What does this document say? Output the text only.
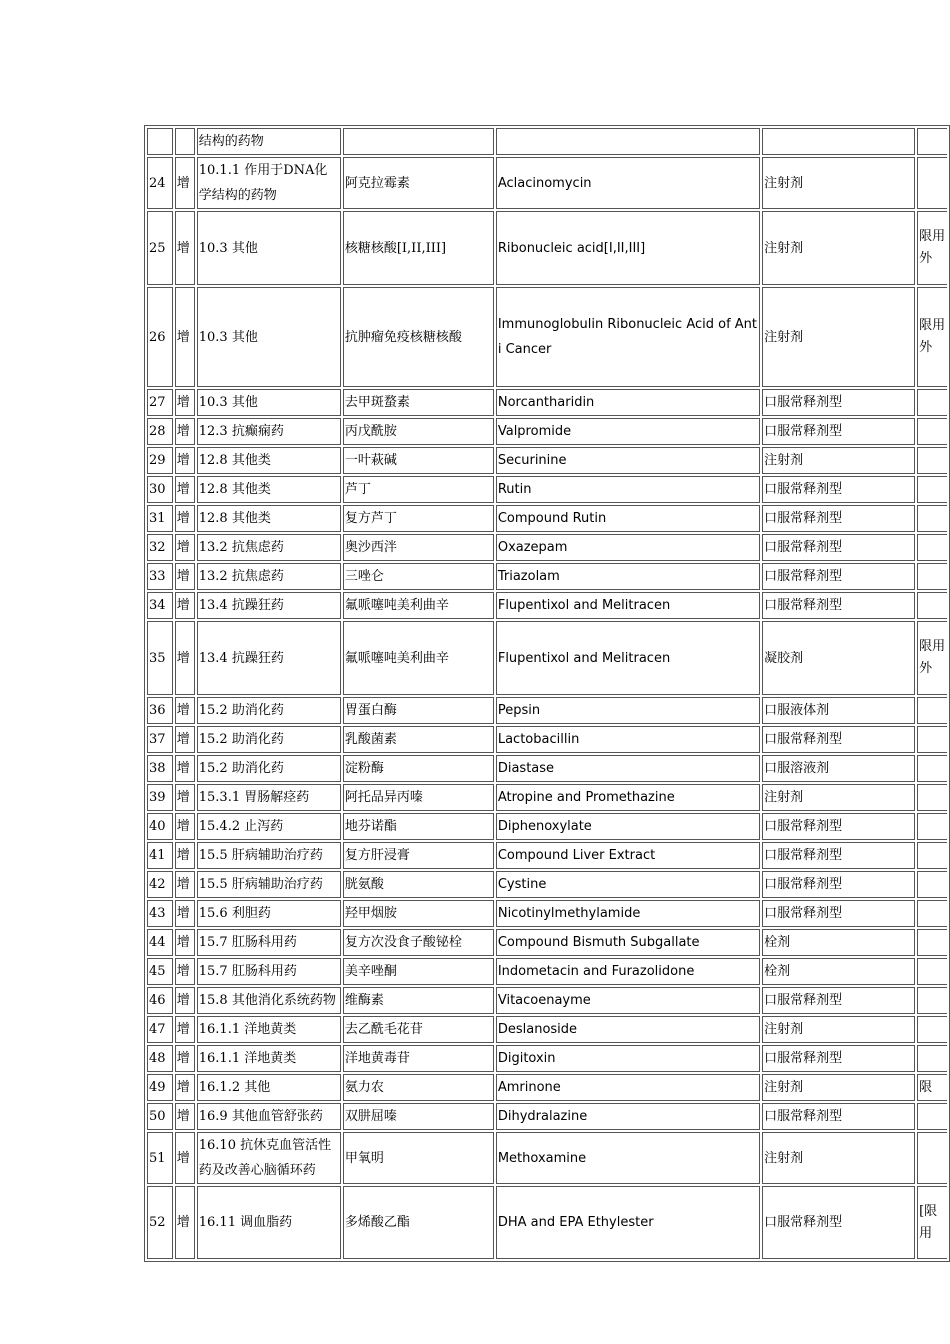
		结构的药物				
24	增	10.1.1 作用于DNA化学结构的药物	阿克拉霉素	Aclacinomycin	注射剂	
25	增	10.3 其他	核糖核酸[Ⅰ,II,III]	Ribonucleic acid[Ⅰ,II,III]	注射剂	限用外
26	增	10.3 其他	抗肿瘤免疫核糖核酸	Immunoglobulin Ribonucleic Acid of Anti Cancer	注射剂	限用外
27	增	10.3 其他	去甲斑蝥素	Norcantharidin	口服常释剂型	
28	增	12.3 抗癫痫药	丙戊酰胺	Valpromide	口服常释剂型	
29	增	12.8 其他类	一叶萩碱	Securinine	注射剂	
30	增	12.8 其他类	芦丁	Rutin	口服常释剂型	
31	增	12.8 其他类	复方芦丁	Compound Rutin	口服常释剂型	
32	增	13.2 抗焦虑药	奥沙西泮	Oxazepam	口服常释剂型	
33	增	13.2 抗焦虑药	三唑仑	Triazolam	口服常释剂型	
34	增	13.4 抗躁狂药	氟哌噻吨美利曲辛	Flupentixol and Melitracen	口服常释剂型	
35	增	13.4 抗躁狂药	氟哌噻吨美利曲辛	Flupentixol and Melitracen	凝胶剂	限用外
36	增	15.2 助消化药	胃蛋白酶	Pepsin	口服液体剂	
37	增	15.2 助消化药	乳酸菌素	Lactobacillin	口服常释剂型	
38	增	15.2 助消化药	淀粉酶	Diastase	口服溶液剂	
39	增	15.3.1 胃肠解痉药	阿托品异丙嗪	Atropine and Promethazine	注射剂	
40	增	15.4.2 止泻药	地芬诺酯	Diphenoxylate	口服常释剂型	
41	增	15.5 肝病辅助治疗药	复方肝浸膏	Compound Liver Extract	口服常释剂型	
42	增	15.5 肝病辅助治疗药	胱氨酸	Cystine	口服常释剂型	
43	增	15.6 利胆药	羟甲烟胺	Nicotinylmethylamide	口服常释剂型	
44	增	15.7 肛肠科用药	复方次没食子酸铋栓	Compound Bismuth Subgallate	栓剂	
45	增	15.7 肛肠科用药	美辛唑酮	Indometacin and Furazolidone	栓剂	
46	增	15.8 其他消化系统药物	维酶素	Vitacoenayme	口服常释剂型	
47	增	16.1.1 洋地黄类	去乙酰毛花苷	Deslanoside	注射剂	
48	增	16.1.1 洋地黄类	洋地黄毒苷	Digitoxin	口服常释剂型	
49	增	16.1.2 其他	氨力农	Amrinone	注射剂	限
50	增	16.9 其他血管舒张药	双肼屈嗪	Dihydralazine	口服常释剂型	
51	增	16.10 抗休克血管活性药及改善心脑循环药	甲氧明	Methoxamine	注射剂	
52	增	16.11 调血脂药	多烯酸乙酯	DHA and EPA Ethylester	口服常释剂型	[限用
